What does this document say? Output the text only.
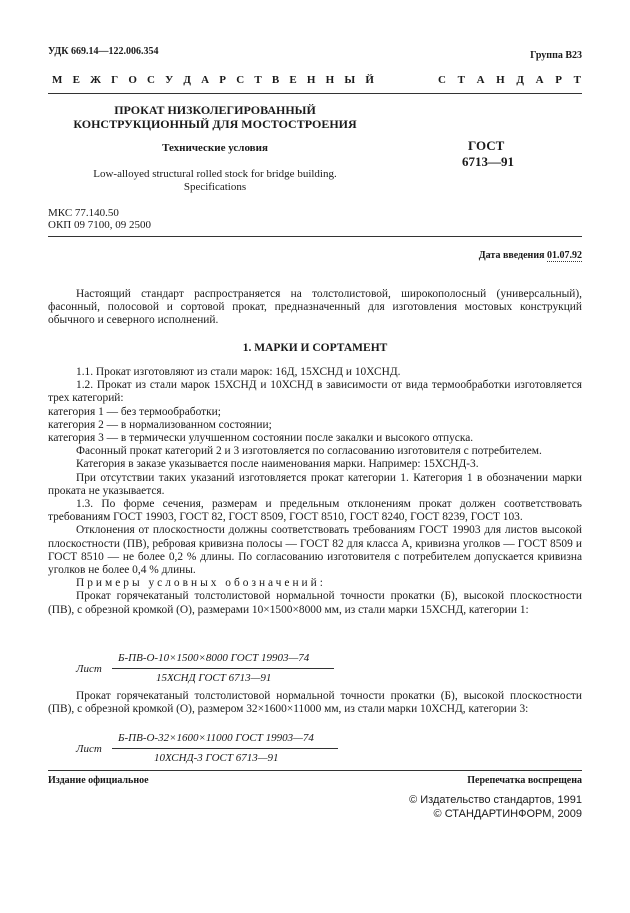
УДК 669.14—122.006.354	Группа В23
М Е Ж Г О С У Д А Р С Т В Е Н Н Ы Й	С Т А Н Д А Р Т
ПРОКАТ НИЗКОЛЕГИРОВАННЫЙ
КОНСТРУКЦИОННЫЙ ДЛЯ МОСТОСТРОЕНИЯ
Технические условия
Low-alloyed structural rolled stock for bridge building.
Specifications
ГОСТ
6713—91
МКС 77.140.50
ОКП 09 7100, 09 2500
Дата введения 01.07.92

Настоящий стандарт распространяется на толстолистовой, широкополосный (универсальный), фасонный, полосовой и сортовой прокат, предназначенный для изготовления мостовых конструкций обычного и северного исполнений.

1. МАРКИ И СОРТАМЕНТ

1.1. Прокат изготовляют из стали марок: 16Д, 15ХСНД и 10ХСНД.

1.2. Прокат из стали марок 15ХСНД и 10ХСНД в зависимости от вида термообработки изготовляется трех категорий:

категория 1 — без термообработки;

категория 2 — в нормализованном состоянии;

категория 3 — в термически улучшенном состоянии после закалки и высокого отпуска.

Фасонный прокат категорий 2 и 3 изготовляется по согласованию изготовителя с потребителем.

Категория в заказе указывается после наименования марки. Например: 15ХСНД-3.

При отсутствии таких указаний изготовляется прокат категории 1. Категория 1 в обозначении марки проката не указывается.

1.3. По форме сечения, размерам и предельным отклонениям прокат должен соответствовать требованиям ГОСТ 19903, ГОСТ 82, ГОСТ 8509, ГОСТ 8510, ГОСТ 8240, ГОСТ 8239, ГОСТ 103.

Отклонения от плоскостности должны соответствовать требованиям ГОСТ 19903 для листов высокой плоскостности (ПВ), ребровая кривизна полосы — ГОСТ 82 для класса А, кривизна уголков — ГОСТ 8509 и ГОСТ 8510 — не более 0,2 % длины. По согласованию изготовителя с потребителем допускается кривизна уголков не более 0,4 % длины.

Примеры условных обозначений:

Прокат горячекатаный толстолистовой нормальной точности прокатки (Б), высокой плоскостности (ПВ), с обрезной кромкой (О), размерами 10×1500×8000 мм, из стали марки 15ХСНД, категории 1:

Лист
Б-ПВ-О-10×1500×8000 ГОСТ 19903—74
15ХСНД ГОСТ 6713—91

Прокат горячекатаный толстолистовой нормальной точности прокатки (Б), высокой плоскостности (ПВ), с обрезной кромкой (О), размером 32×1600×11000 мм, из стали марки 10ХСНД, категории 3:

Лист
Б-ПВ-О-32×1600×11000 ГОСТ 19903—74
10ХСНД-3 ГОСТ 6713—91
Издание официальное	Перепечатка воспрещена
© Издательство стандартов, 1991
© СТАНДАРТИНФОРМ, 2009
